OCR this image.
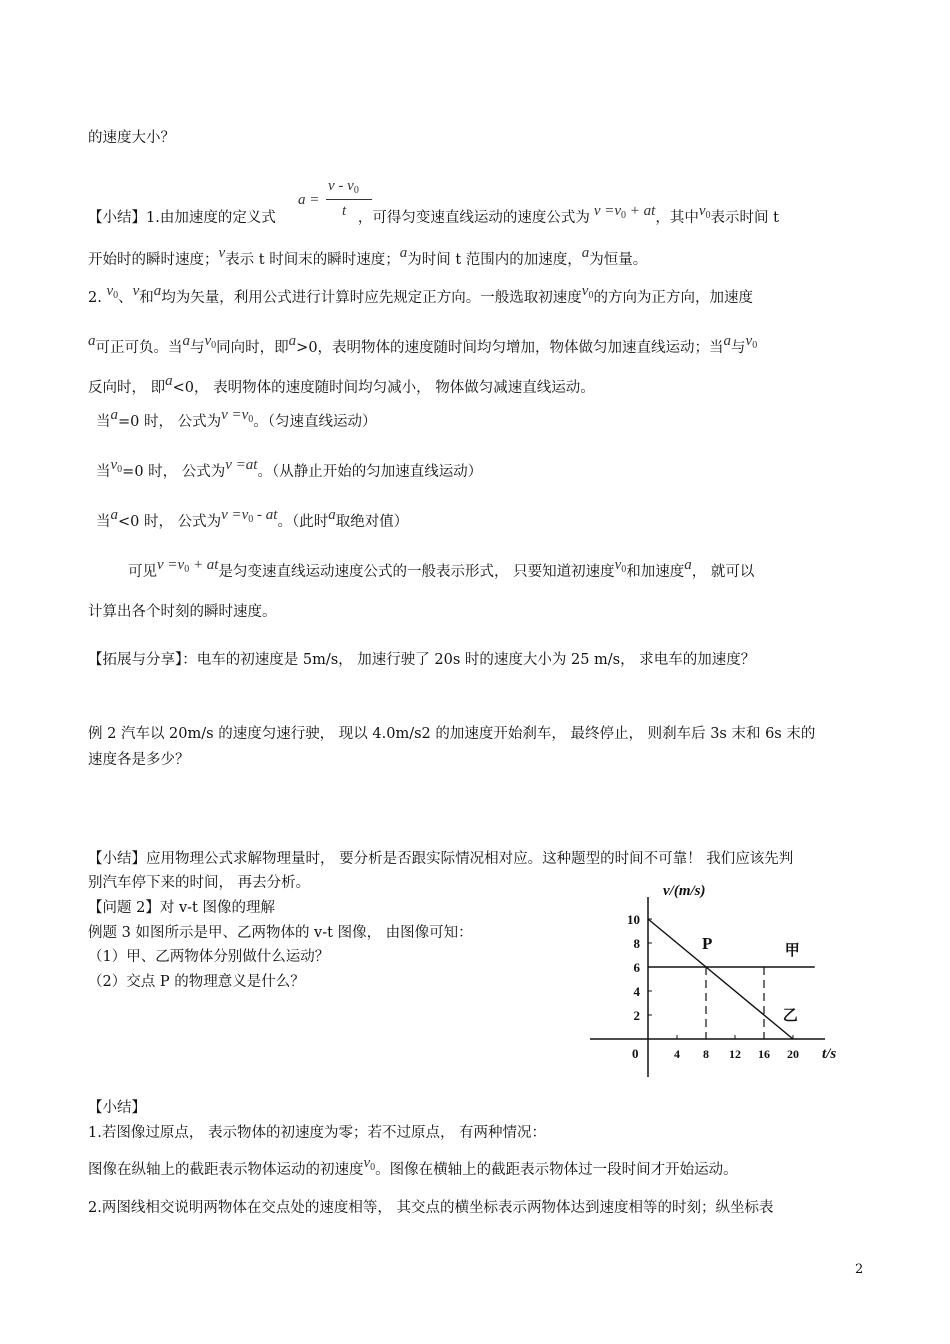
的速度大小？
a =
v - $v_0$
t
【小结】1.由加速度的定义式	，可得匀变速直线运动的速度公式为 $v =v_0$ + at，其中$v_0$表示时间 t
开始时的瞬时速度；v表示 t 时间末的瞬时速度；a为时间 t 范围内的加速度，a为恒量。
2. $v_0$、v和a均为矢量，利用公式进行计算时应先规定正方向。一般选取初速度$v_0$的方向为正方向，加速度
a可正可负。当a与$v_0$同向时，即a>0，表明物体的速度随时间均匀增加，物体做匀加速直线运动；当a与$v_0$
反向时， 即a<0， 表明物体的速度随时间均匀减小， 物体做匀减速直线运动。
当a=0 时， 公式为$v =v_0$。（匀速直线运动）
当$v_0=0$ 时， 公式为v =at。（从静止开始的匀加速直线运动）
当a<0 时， 公式为$v =v_0$ - at。（此时a取绝对值）
可见$v =v_0$ + at是匀变速直线运动速度公式的一般表示形式， 只要知道初速度$v_0$和加速度a， 就可以
计算出各个时刻的瞬时速度。
【拓展与分享】：电车的初速度是 5m/s， 加速行驶了 20s 时的速度大小为 25 m/s， 求电车的加速度？
例 2 汽车以 20m/s 的速度匀速行驶， 现以 4.0m/s2 的加速度开始刹车， 最终停止， 则刹车后 3s 末和 6s 末的
速度各是多少？
【小结】应用物理公式求解物理量时， 要分析是否跟实际情况相对应。这种题型的时间不可靠！ 我们应该先判
别汽车停下来的时间， 再去分析。
【问题 2】对 v-t 图像的理解
例题 3 如图所示是甲、乙两物体的 v-t 图像， 由图像可知：
（1）甲、乙两物体分别做什么运动？
（2）交点 P 的物理意义是什么？
v/(m/s)
t/s
0	4 8 12 16 20
2
4
6
8
10
甲
乙
P
【小结】
1.若图像过原点， 表示物体的初速度为零；若不过原点， 有两种情况：
图像在纵轴上的截距表示物体运动的初速度$v_0$。图像在横轴上的截距表示物体过一段时间才开始运动。
2.两图线相交说明两物体在交点处的速度相等， 其交点的横坐标表示两物体达到速度相等的时刻；纵坐标表
2
